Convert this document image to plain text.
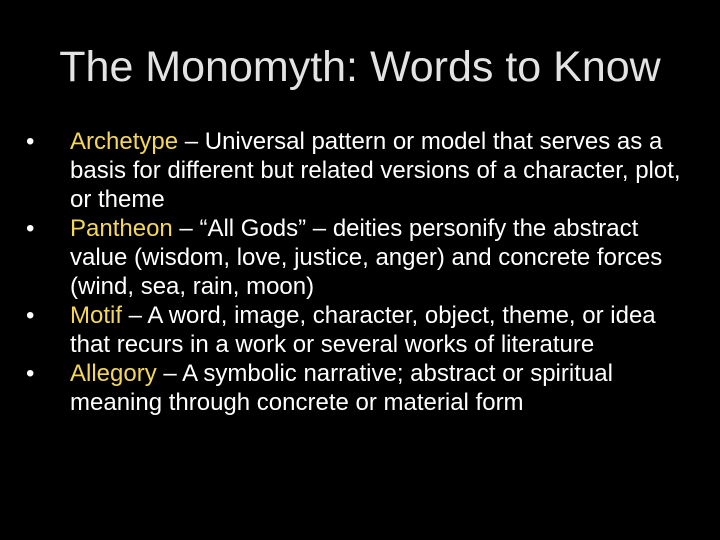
The Monomyth: Words to Know
• Archetype – Universal pattern or model that serves as a basis for different but related versions of a character, plot, or theme
• Pantheon – “All Gods” – deities personify the abstract value (wisdom, love, justice, anger) and concrete forces (wind, sea, rain, moon)
• Motif – A word, image, character, object, theme, or idea that recurs in a work or several works of literature
• Allegory – A symbolic narrative; abstract or spiritual meaning through concrete or material form
